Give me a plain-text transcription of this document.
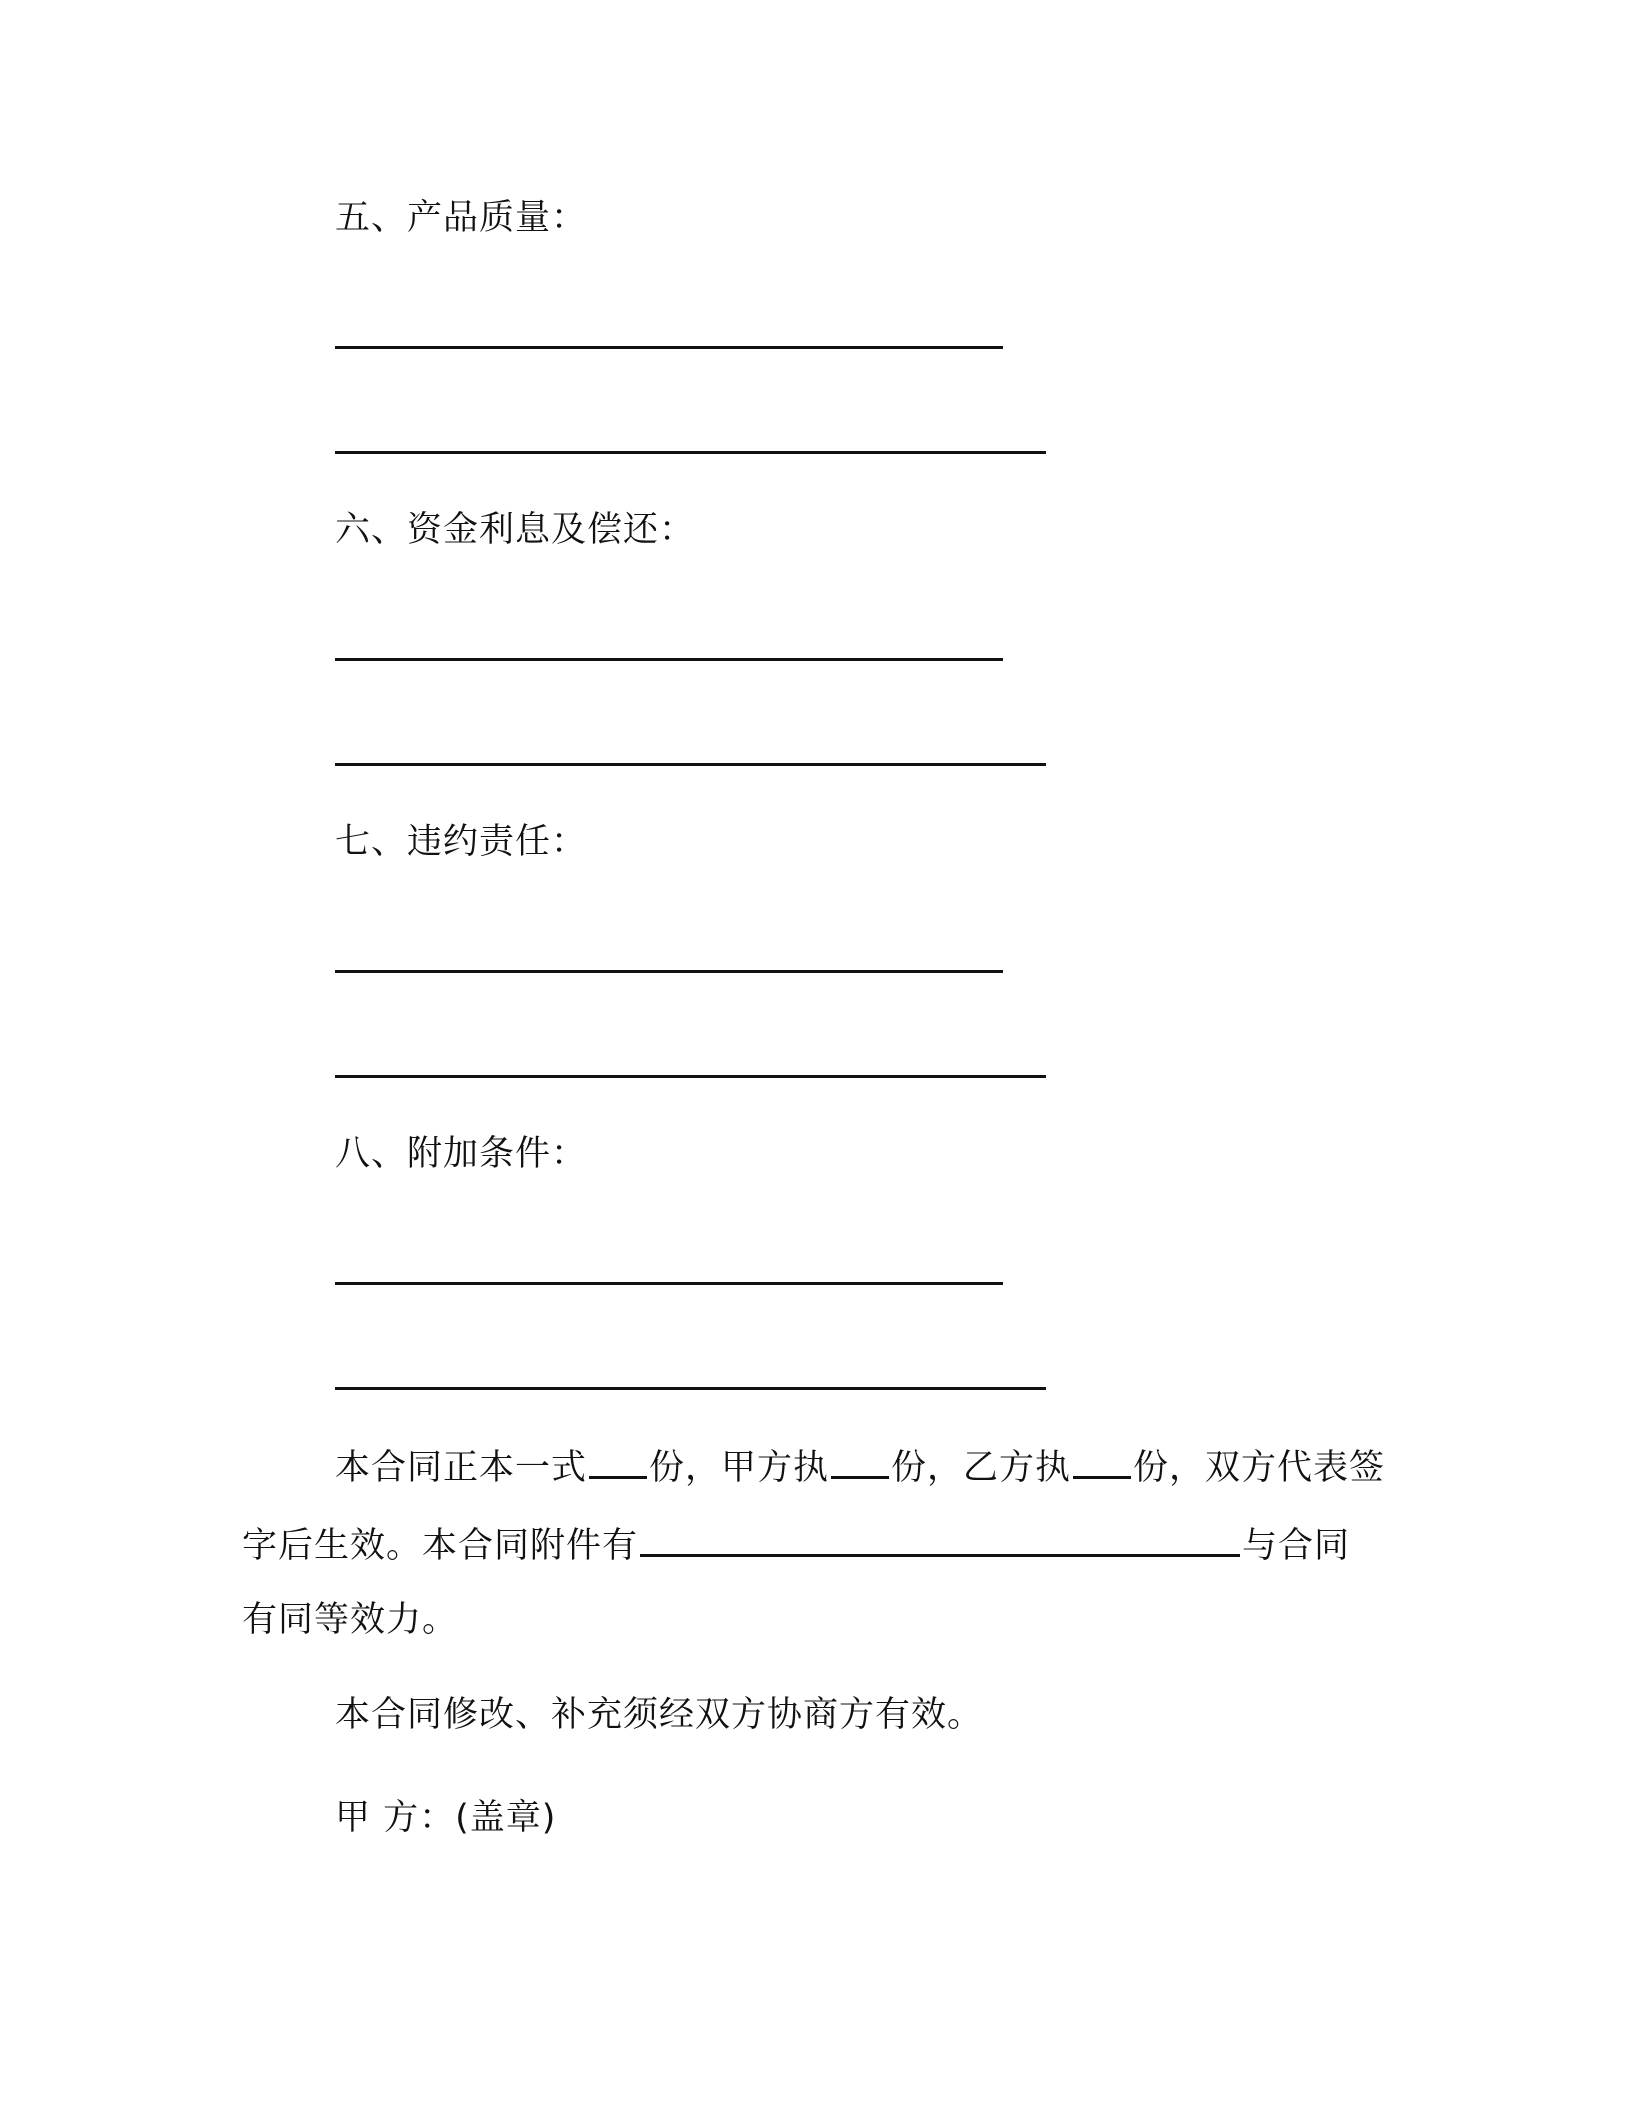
五、产品质量：
六、资金利息及偿还：
七、违约责任：
八、附加条件：
本合同正本一式 份，甲方执 份，乙方执 份，双方代表签
字后生效。本合同附件有	与合同
有同等效力。
本合同修改、补充须经双方协商方有效。
甲 方：(盖章)
